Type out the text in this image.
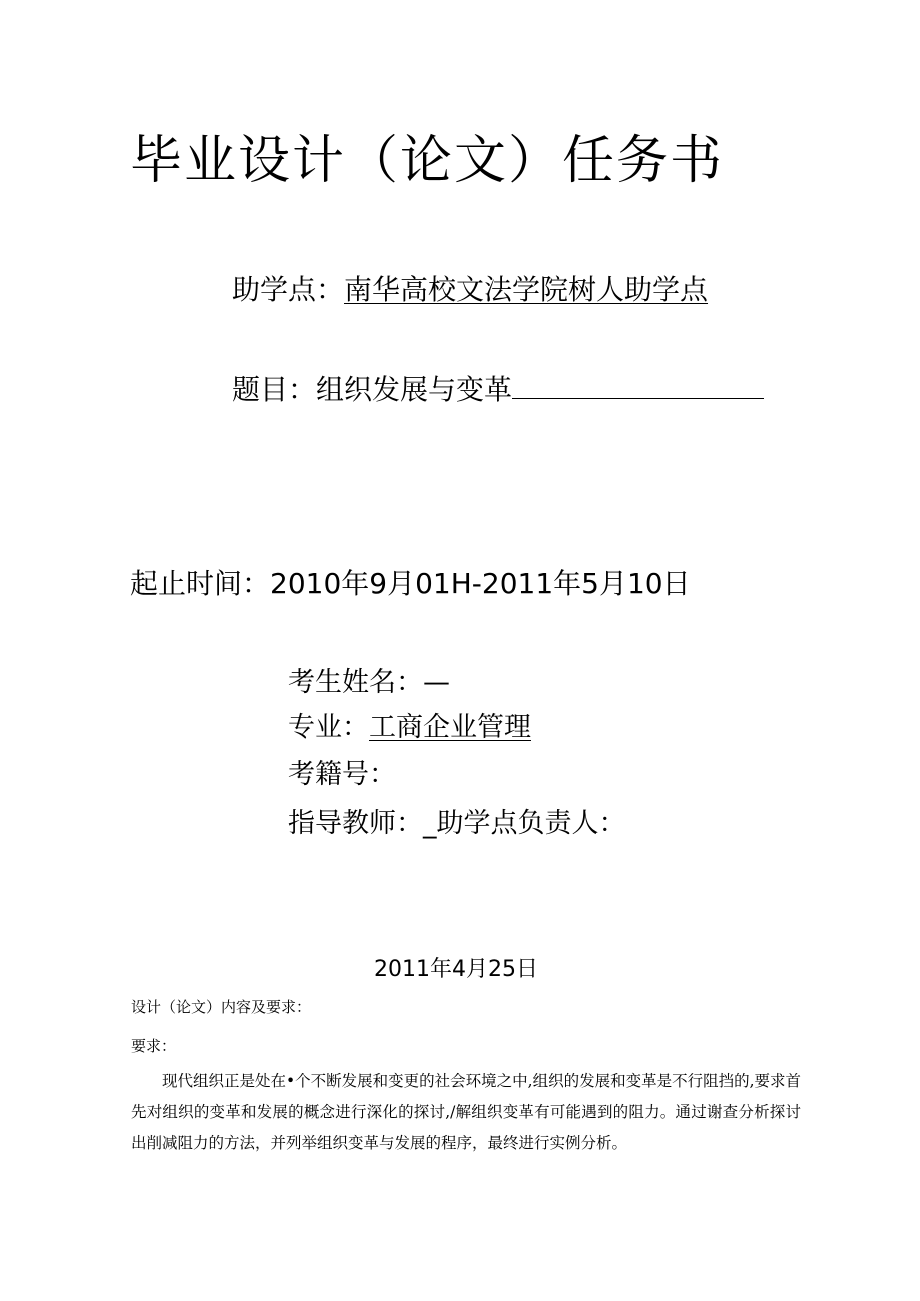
毕业设计（论文）任务书
助学点：南华高校文法学院树人助学点
题目：组织发展与变革
起止时间：2010年9月01H-2011年5月10日
考生姓名：—
专业：工商企业管理
考籍号：
指导教师：_助学点负责人：
2011年4月25日
设计（论文）内容及要求：
要求：
现代组织正是处在•个不断发展和变更的社会环境之中,组织的发展和变革是不行阻挡的,要求首先对组织的变革和发展的概念进行深化的探讨,/解组织变革有可能遇到的阻力。通过谢查分析探讨出削减阻力的方法，并列举组织变革与发展的程序，最终进行实例分析。
